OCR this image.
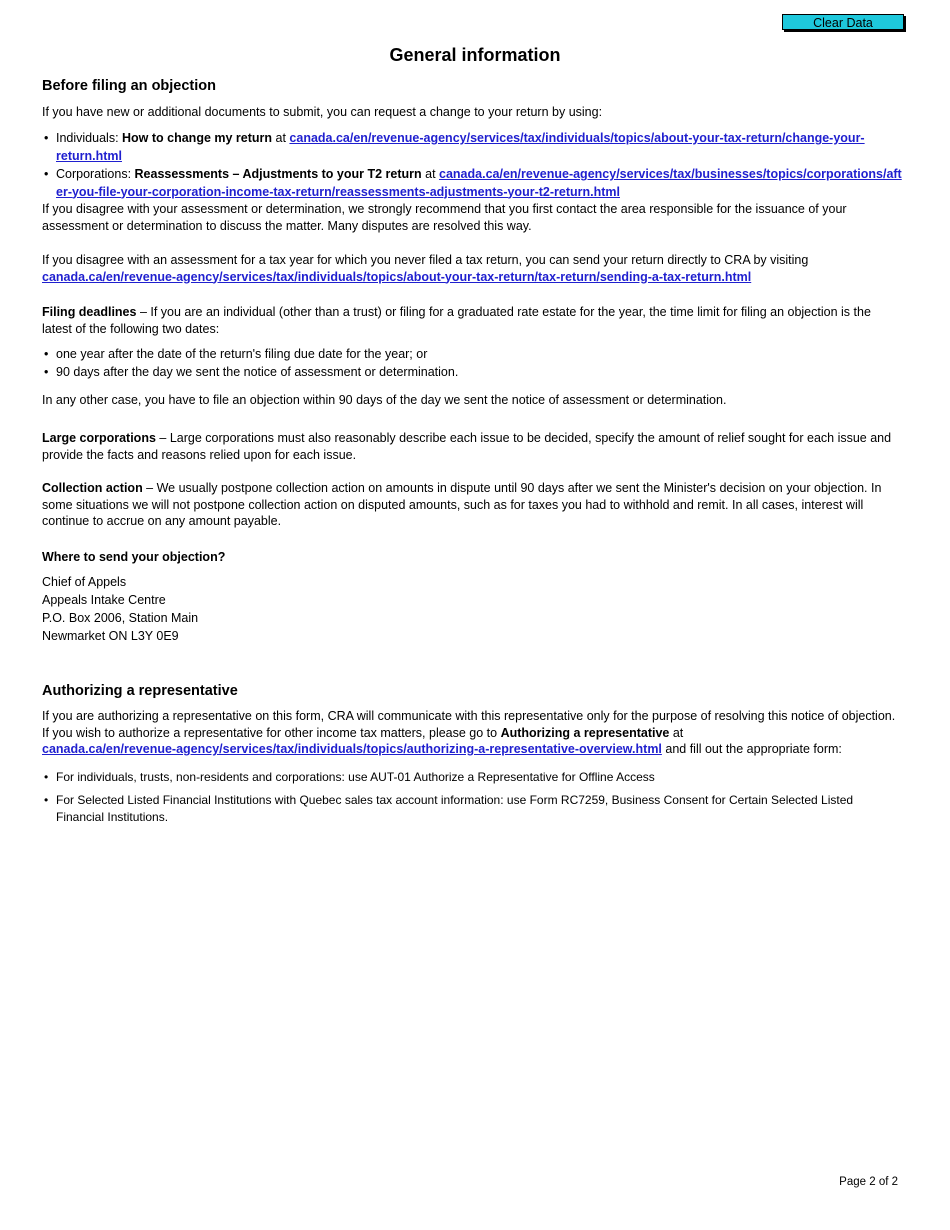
Clear Data
General information
Before filing an objection

If you have new or additional documents to submit, you can request a change to your return by using:

• Individuals: How to change my return at canada.ca/en/revenue-agency/services/tax/individuals/topics/about-your-tax-return/change-your-return.html
• Corporations: Reassessments – Adjustments to your T2 return at canada.ca/en/revenue-agency/services/tax/businesses/topics/corporations/after-you-file-your-corporation-income-tax-return/reassessments-adjustments-your-t2-return.html

If you disagree with your assessment or determination, we strongly recommend that you first contact the area responsible for the issuance of your assessment or determination to discuss the matter. Many disputes are resolved this way.

If you disagree with an assessment for a tax year for which you never filed a tax return, you can send your return directly to CRA by visiting
canada.ca/en/revenue-agency/services/tax/individuals/topics/about-your-tax-return/tax-return/sending-a-tax-return.html

Filing deadlines – If you are an individual (other than a trust) or filing for a graduated rate estate for the year, the time limit for filing an objection is the latest of the following two dates:

• one year after the date of the return's filing due date for the year; or
• 90 days after the day we sent the notice of assessment or determination.

In any other case, you have to file an objection within 90 days of the day we sent the notice of assessment or determination.

Large corporations – Large corporations must also reasonably describe each issue to be decided, specify the amount of relief sought for each issue and provide the facts and reasons relied upon for each issue.

Collection action – We usually postpone collection action on amounts in dispute until 90 days after we sent the Minister's decision on your objection. In some situations we will not postpone collection action on disputed amounts, such as for taxes you had to withhold and remit. In all cases, interest will continue to accrue on any amount payable.

Where to send your objection?
Chief of Appels
Appeals Intake Centre
P.O. Box 2006, Station Main
Newmarket ON L3Y 0E9
Authorizing a representative

If you are authorizing a representative on this form, CRA will communicate with this representative only for the purpose of resolving this notice of objection. If you wish to authorize a representative for other income tax matters, please go to Authorizing a representative at
canada.ca/en/revenue-agency/services/tax/individuals/topics/authorizing-a-representative-overview.html and fill out the appropriate form:

• For individuals, trusts, non-residents and corporations: use AUT-01 Authorize a Representative for Offline Access
• For Selected Listed Financial Institutions with Quebec sales tax account information: use Form RC7259, Business Consent for Certain Selected Listed Financial Institutions.
Page 2 of 2
